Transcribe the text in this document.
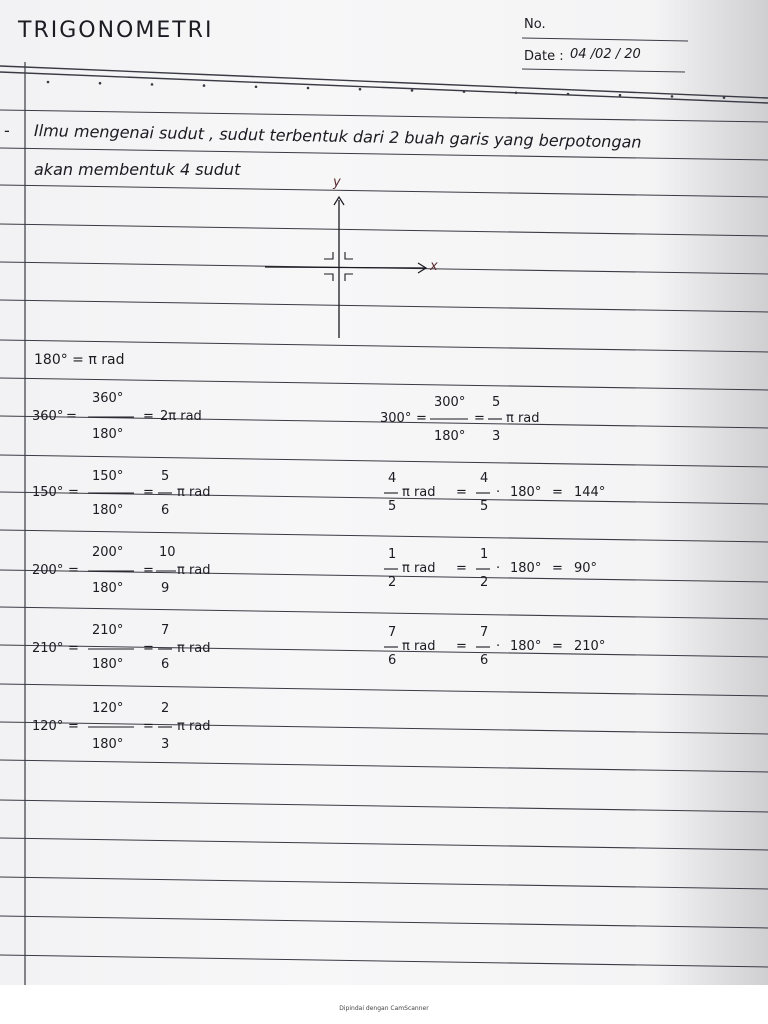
TRIGONOMETRI	No.
Date : 04 /02 / 20
- Ilmu mengenai sudut , sudut terbentuk dari 2 buah garis yang berpotongan
akan membentuk 4 sudut
y
x
180° = π rad
360° =
360°
180°
= 2π rad
150° =
150°
180°
=
5
6
π rad
200° =
200°
180°
=
10
9
π rad
210° =
210°
180°
=
7
6
π rad
120° =
120°
180°
=
2
3
π rad
300° =
300°
180°
=
5
3
π rad
4
5
π rad =
4
5
· 180° = 144°
1
2
π rad =
1
2
· 180° = 90°
7
6
π rad =
7
6
· 180° = 210°
Dipindai dengan CamScanner
